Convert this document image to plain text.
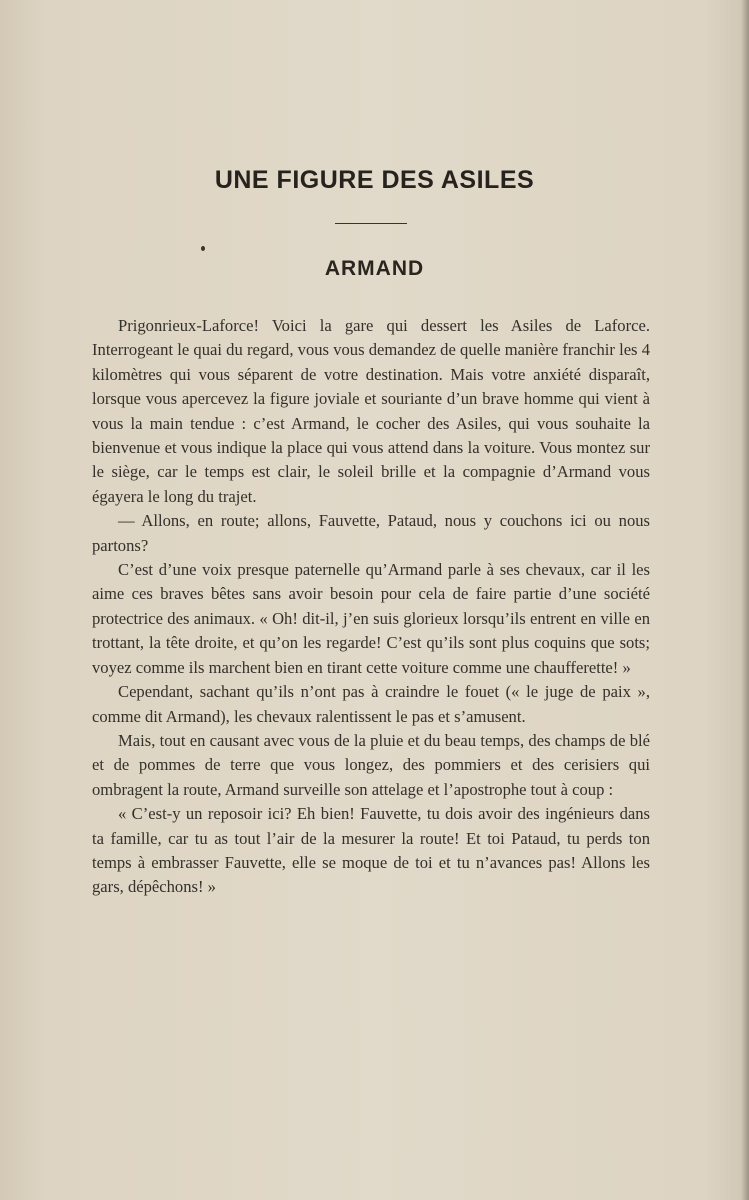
UNE FIGURE DES ASILES
ARMAND

Prigonrieux-Laforce! Voici la gare qui dessert les Asiles de Laforce. Interrogeant le quai du regard, vous vous demandez de quelle manière franchir les 4 kilomètres qui vous séparent de votre destination. Mais votre anxiété disparaît, lorsque vous apercevez la figure joviale et souriante d’un brave homme qui vient à vous la main tendue : c’est Armand, le cocher des Asiles, qui vous souhaite la bienvenue et vous indique la place qui vous attend dans la voiture. Vous montez sur le siège, car le temps est clair, le soleil brille et la compagnie d’Armand vous égayera le long du trajet.

— Allons, en route; allons, Fauvette, Pataud, nous y couchons ici ou nous partons?

C’est d’une voix presque paternelle qu’Armand parle à ses chevaux, car il les aime ces braves bêtes sans avoir besoin pour cela de faire partie d’une société protectrice des animaux. « Oh! dit-il, j’en suis glorieux lorsqu’ils entrent en ville en trottant, la tête droite, et qu’on les regarde! C’est qu’ils sont plus coquins que sots; voyez comme ils marchent bien en tirant cette voiture comme une chaufferette! »

Cependant, sachant qu’ils n’ont pas à craindre le fouet (« le juge de paix », comme dit Armand), les chevaux ralentissent le pas et s’amusent.

Mais, tout en causant avec vous de la pluie et du beau temps, des champs de blé et de pommes de terre que vous longez, des pommiers et des cerisiers qui ombragent la route, Armand surveille son attelage et l’apostrophe tout à coup :

« C’est-y un reposoir ici? Eh bien! Fauvette, tu dois avoir des ingénieurs dans ta famille, car tu as tout l’air de la mesurer la route! Et toi Pataud, tu perds ton temps à embrasser Fauvette, elle se moque de toi et tu n’avances pas! Allons les gars, dépêchons! »
